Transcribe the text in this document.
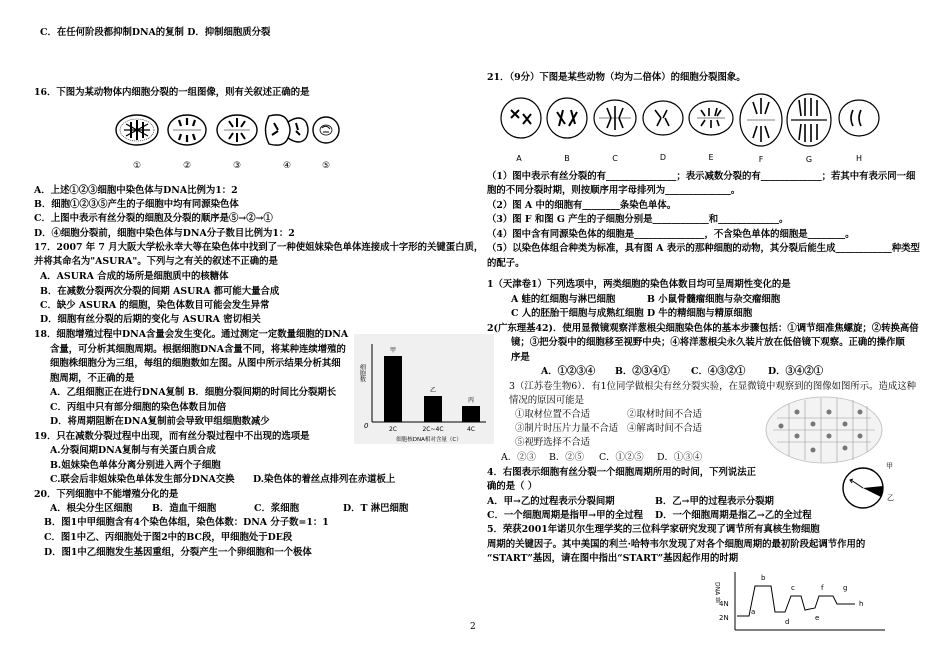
C．在任何阶段都抑制DNA的复制 D．抑制细胞质分裂
16．下图为某动物体内细胞分裂的一组图像，则有关叙述正确的是
①	②	③	④	⑤
A．上述①②③细胞中染色体与DNA比例为1：2
B．细胞①②③⑤产生的子细胞中均有同源染色体
C．上图中表示有丝分裂的细胞及分裂的顺序是⑤→②→①
D．④细胞分裂前，细胞中染色体与DNA分子数目比例为1：2
17．2007 年 7 月大阪大学松永幸大等在染色体中找到了一种使姐妹染色单体连接成十字形的关键蛋白质，
并将其命名为"ASURA"。下列与之有关的叙述不正确的是
A．ASURA 合成的场所是细胞质中的核糖体
B．在减数分裂两次分裂的间期 ASURA 都可能大量合成
C．缺少 ASURA 的细胞，染色体数目可能会发生异常
D．细胞有丝分裂的后期的变化与 ASURA 密切相关
18．细胞增殖过程中DNA含量会发生变化。通过测定一定数量细胞的DNA
含量，可分析其细胞周期。根据细胞DNA含量不同，将某种连续增殖的
细胞株细胞分为三组，每组的细胞数如左图。从图中所示结果分析其细
胞周期，不正确的是
A．乙组细胞正在进行DNA复制 B．细胞分裂间期的时间比分裂期长
C．丙组中只有部分细胞的染色体数目加倍
D．将周期阻断在DNA复制前会导致甲组细胞数减少
细胞数
0
甲
乙
丙
2C	2C~4C	4C
细胞核DNA相对含量（C）
19．只在减数分裂过程中出现，而有丝分裂过程中不出现的选项是
A.分裂间期DNA复制与有关蛋白质合成
B.姐妹染色单体分离分别进入两个子细胞
C.联会后非姐妹染色单体发生部分DNA交换 D.染色体的着丝点排列在赤道板上
20．下列细胞中不能增殖分化的是
A．根尖分生区细胞 B．造血干细胞	C．浆细胞	D．T 淋巴细胞
B．图1中甲细胞含有4个染色体组，染色体数：DNA 分子数=1：1
C．图1中乙、丙细胞处于图2中的BC段，甲细胞处于DE段
D．图1中乙细胞发生基因重组，分裂产生一个卵细胞和一个极体
21．（9分）下图是某些动物（均为二倍体）的细胞分裂图象。
A	B	C	D	E	F	G	H
（1）图中表示有丝分裂的有_______________；表示减数分裂的有_____________；若其中有表示同一细
胞的不同分裂时期，则按顺序用字母排列为______________。
（2）图 A 中的细胞有________条染色单体。
（3）图 F 和图 G 产生的子细胞分别是____________和_____________。
（4）图中含有同源染色体的细胞是_______________，不含染色单体的细胞是________。
（5）以染色体组合种类为标准，具有图 A 表示的那种细胞的动物，其分裂后能生成____________种类型
的配子。
1（天津卷1）下列选项中，两类细胞的染色体数目均可呈周期性变化的是
A 蛙的红细胞与淋巴细胞	B 小鼠骨髓瘤细胞与杂交瘤细胞
C 人的胚胎干细胞与成熟红细胞 D 牛的精细胞与精原细胞
2(广东理基42)．使用显微镜观察洋葱根尖细胞染色体的基本步骤包括：①调节细准焦螺旋；②转换高倍
镜；③把分裂中的细胞移至视野中央；④将洋葱根尖永久装片放在低倍镜下观察。正确的操作顺
序是
A．①②③④ B．②③④① C．④③②① D．③④②①
3（江苏卷生物6）．有1位同学做根尖有丝分裂实验，在显微镜中观察到的图像如图所示。造成这种
情况的原因可能是
①取材位置不合适	②取材时间不合适
③制片时压片力量不合适 ④解离时间不合适
⑤视野选择不合适
A．②③ B．②⑤ C．①②⑤ D．①③④
4．右图表示细胞有丝分裂一个细胞周期所用的时间，下列说法正
确的是（ ）
A．甲→乙的过程表示分裂间期	B．乙→甲的过程表示分裂期
C．一个细胞周期是指甲→甲的全过程 D．一个细胞周期是指乙→乙的全过程
甲
乙
5．荣获2001年诺贝尔生理学奖的三位科学家研究发现了调节所有真核生物细胞
周期的关键因子。其中美国的利兰·哈特韦尔发现了对各个细胞周期的最初阶段起调节作用的
“START”基因，请在图中指出“START”基因起作用的时期
DNA 量
2N
4N
a
b
c
d	e
f	g
h
2
